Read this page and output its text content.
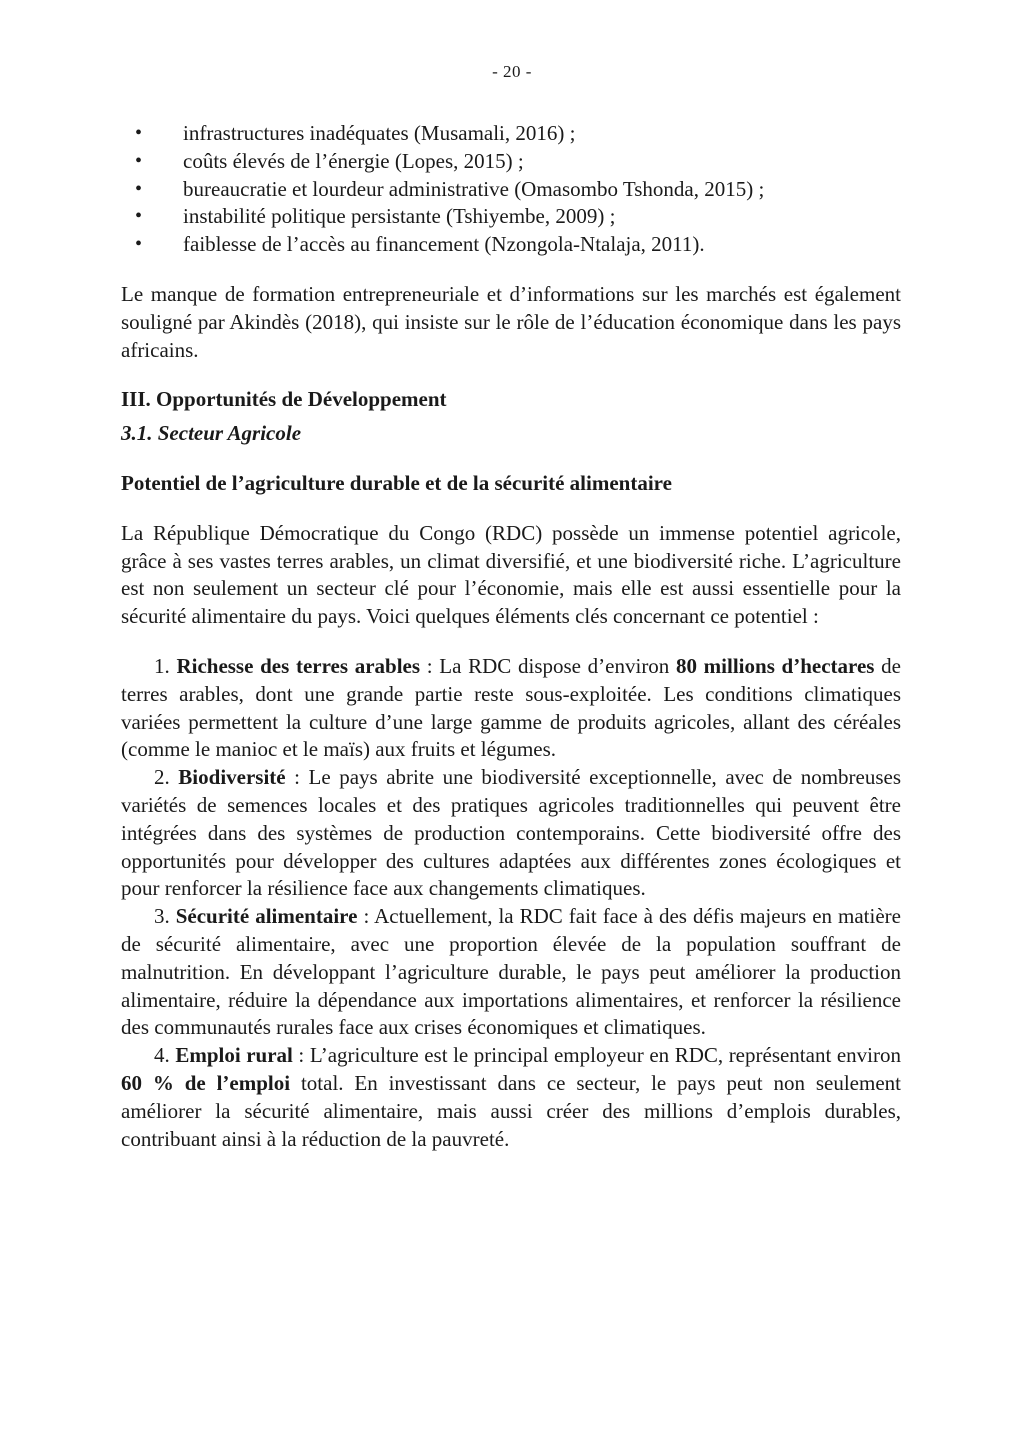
- 20 -
• infrastructures inadéquates (Musamali, 2016) ;
• coûts élevés de l’énergie (Lopes, 2015) ;
• bureaucratie et lourdeur administrative (Omasombo Tshonda, 2015) ;
• instabilité politique persistante (Tshiyembe, 2009) ;
• faiblesse de l’accès au financement (Nzongola-Ntalaja, 2011).

Le manque de formation entrepreneuriale et d’informations sur les marchés est également souligné par Akindès (2018), qui insiste sur le rôle de l’éducation économique dans les pays africains.

III. Opportunités de Développement
3.1. Secteur Agricole
Potentiel de l’agriculture durable et de la sécurité alimentaire

La République Démocratique du Congo (RDC) possède un immense potentiel agricole, grâce à ses vastes terres arables, un climat diversifié, et une biodiversité riche. L’agriculture est non seulement un secteur clé pour l’économie, mais elle est aussi essentielle pour la sécurité alimentaire du pays. Voici quelques éléments clés concernant ce potentiel :

1. Richesse des terres arables : La RDC dispose d’environ 80 millions d’hectares de terres arables, dont une grande partie reste sous-exploitée. Les conditions climatiques variées permettent la culture d’une large gamme de produits agricoles, allant des céréales (comme le manioc et le maïs) aux fruits et légumes.
2. Biodiversité : Le pays abrite une biodiversité exceptionnelle, avec de nombreuses variétés de semences locales et des pratiques agricoles traditionnelles qui peuvent être intégrées dans des systèmes de production contemporains. Cette biodiversité offre des opportunités pour développer des cultures adaptées aux différentes zones écologiques et pour renforcer la résilience face aux changements climatiques.
3. Sécurité alimentaire : Actuellement, la RDC fait face à des défis majeurs en matière de sécurité alimentaire, avec une proportion élevée de la population souffrant de malnutrition. En développant l’agriculture durable, le pays peut améliorer la production alimentaire, réduire la dépendance aux importations alimentaires, et renforcer la résilience des communautés rurales face aux crises économiques et climatiques.
4. Emploi rural : L’agriculture est le principal employeur en RDC, représentant environ 60 % de l’emploi total. En investissant dans ce secteur, le pays peut non seulement améliorer la sécurité alimentaire, mais aussi créer des millions d’emplois durables, contribuant ainsi à la réduction de la pauvreté.
